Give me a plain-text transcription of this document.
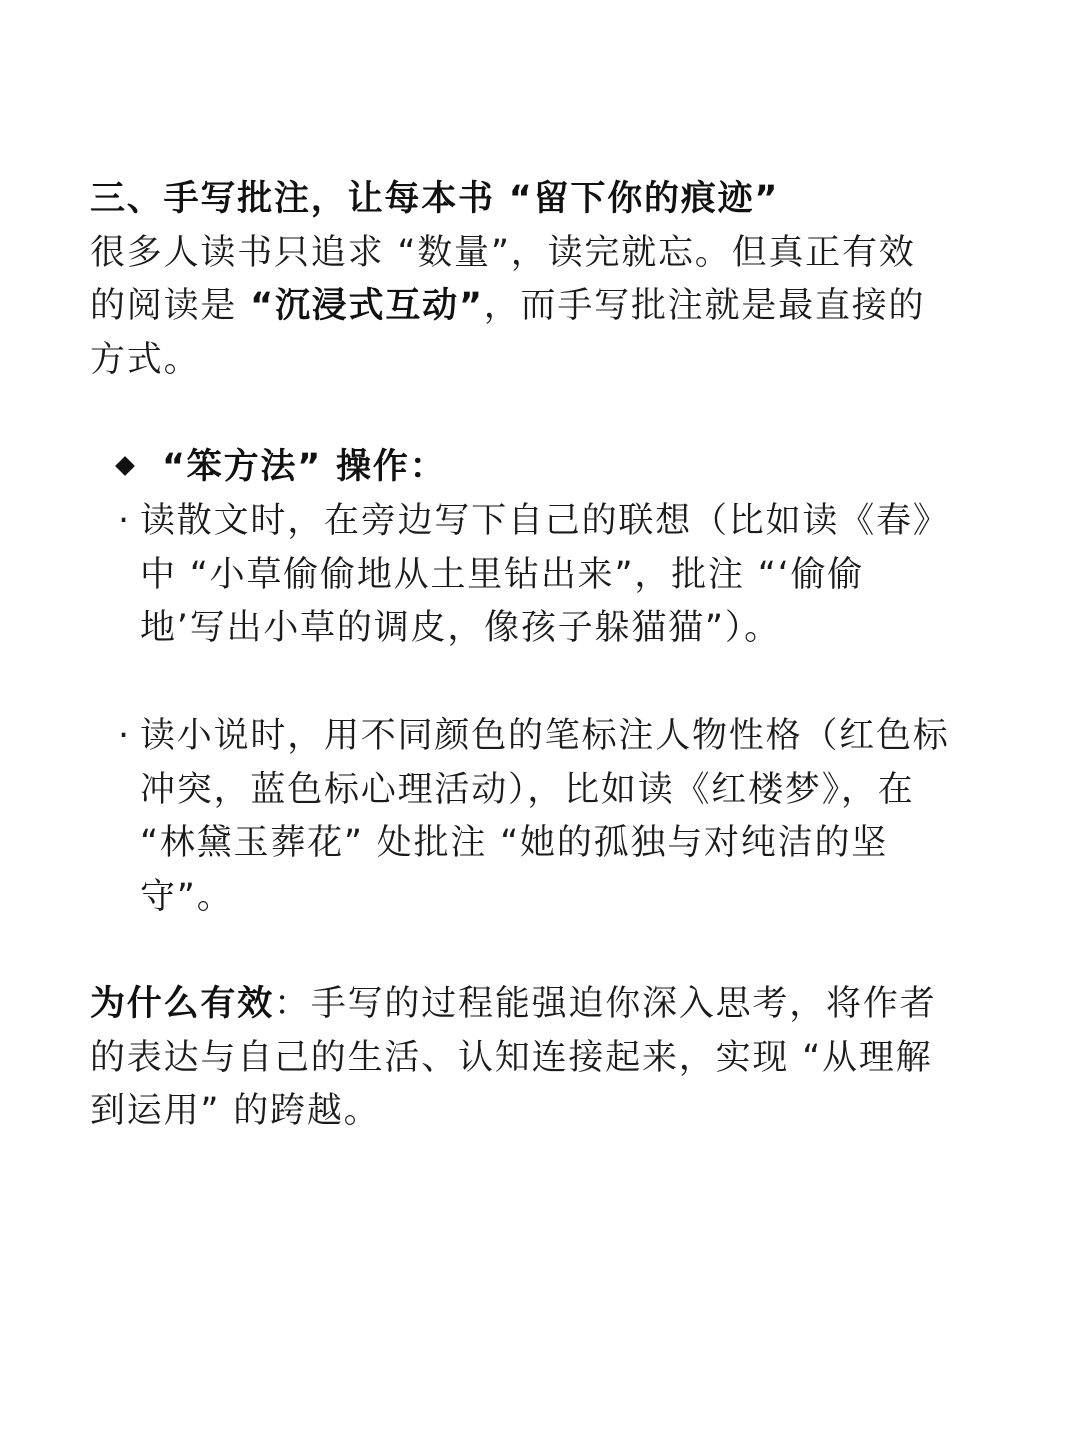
三、手写批注，让每本书 “留下你的痕迹”
很多人读书只追求 “数量”，读完就忘。但真正有效
的阅读是 “沉浸式互动”，而手写批注就是最直接的
方式。
“笨方法” 操作：
· 读散文时，在旁边写下自己的联想（比如读《春》
中 “小草偷偷地从土里钻出来”，批注 “‘偷偷
地’写出小草的调皮，像孩子躲猫猫”）。
· 读小说时，用不同颜色的笔标注人物性格（红色标
冲突，蓝色标心理活动），比如读《红楼梦》，在
“林黛玉葬花” 处批注 “她的孤独与对纯洁的坚
守”。
为什么有效：手写的过程能强迫你深入思考，将作者
的表达与自己的生活、认知连接起来，实现 “从理解
到运用” 的跨越。
